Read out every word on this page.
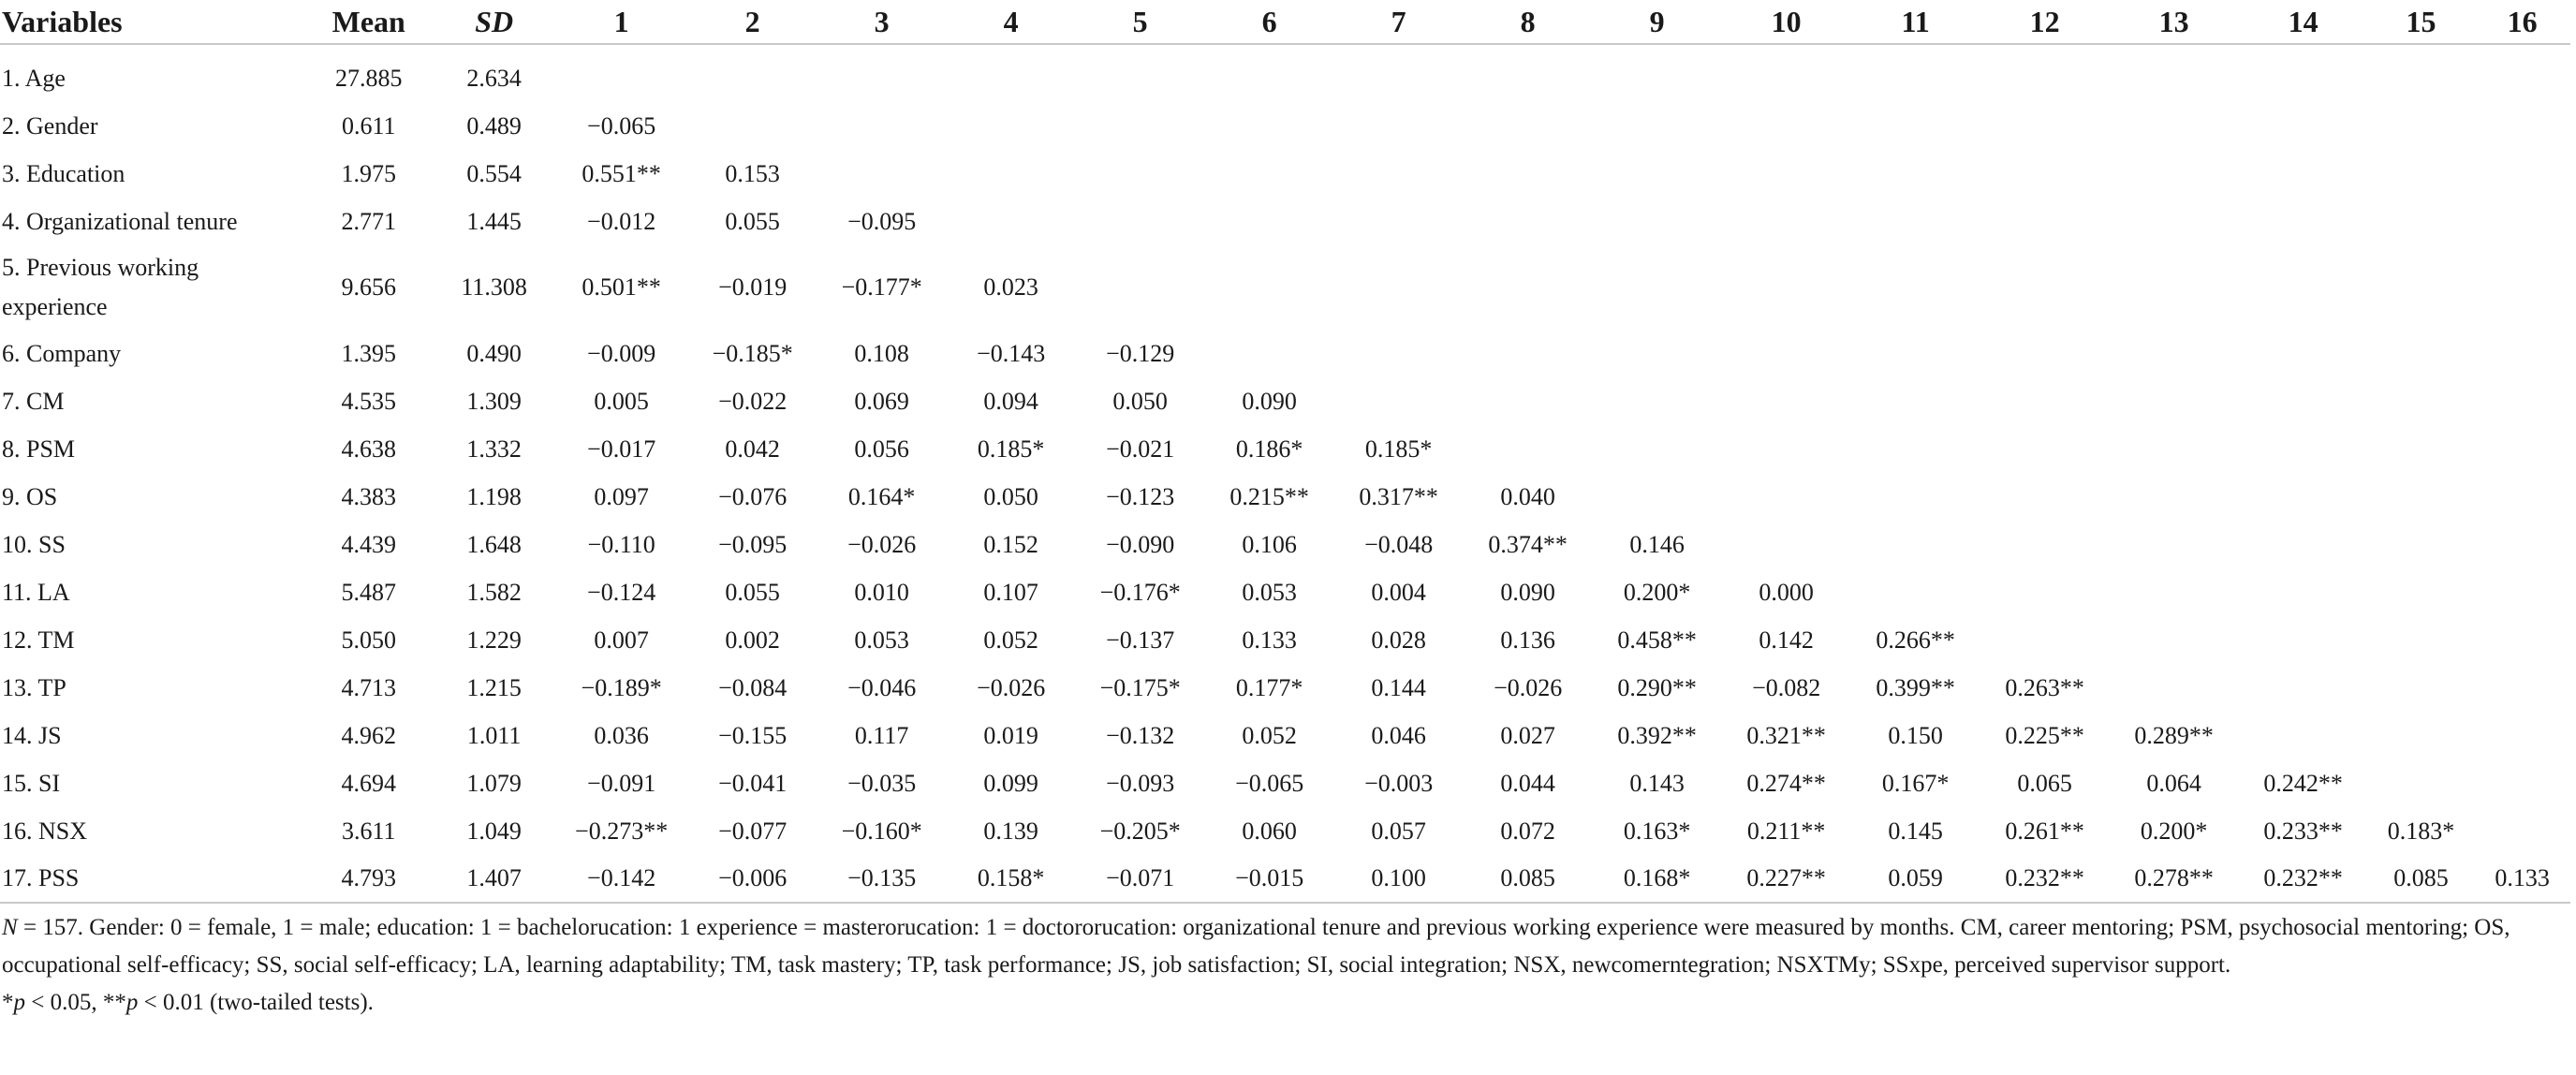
Variables	Mean	SD	1	2	3	4	5	6	7	8	9	10	11	12	13	14	15	16
1. Age	27.885	2.634																
2. Gender	0.611	0.489	−0.065															
3. Education	1.975	0.554	0.551**	0.153														
4. Organizational tenure	2.771	1.445	−0.012	0.055	−0.095													
5. Previous working experience	9.656	11.308	0.501**	−0.019	−0.177*	0.023												
6. Company	1.395	0.490	−0.009	−0.185*	0.108	−0.143	−0.129											
7. CM	4.535	1.309	0.005	−0.022	0.069	0.094	0.050	0.090										
8. PSM	4.638	1.332	−0.017	0.042	0.056	0.185*	−0.021	0.186*	0.185*									
9. OS	4.383	1.198	0.097	−0.076	0.164*	0.050	−0.123	0.215**	0.317**	0.040								
10. SS	4.439	1.648	−0.110	−0.095	−0.026	0.152	−0.090	0.106	−0.048	0.374**	0.146							
11. LA	5.487	1.582	−0.124	0.055	0.010	0.107	−0.176*	0.053	0.004	0.090	0.200*	0.000						
12. TM	5.050	1.229	0.007	0.002	0.053	0.052	−0.137	0.133	0.028	0.136	0.458**	0.142	0.266**					
13. TP	4.713	1.215	−0.189*	−0.084	−0.046	−0.026	−0.175*	0.177*	0.144	−0.026	0.290**	−0.082	0.399**	0.263**				
14. JS	4.962	1.011	0.036	−0.155	0.117	0.019	−0.132	0.052	0.046	0.027	0.392**	0.321**	0.150	0.225**	0.289**			
15. SI	4.694	1.079	−0.091	−0.041	−0.035	0.099	−0.093	−0.065	−0.003	0.044	0.143	0.274**	0.167*	0.065	0.064	0.242**		
16. NSX	3.611	1.049	−0.273**	−0.077	−0.160*	0.139	−0.205*	0.060	0.057	0.072	0.163*	0.211**	0.145	0.261**	0.200*	0.233**	0.183*	
17. PSS	4.793	1.407	−0.142	−0.006	−0.135	0.158*	−0.071	−0.015	0.100	0.085	0.168*	0.227**	0.059	0.232**	0.278**	0.232**	0.085	0.133

N = 157. Gender: 0 = female, 1 = male; education: 1 = bachelorucation: 1 experience = masterorucation: 1 = doctororucation: organizational tenure and previous working experience were measured by months. CM, career mentoring; PSM, psychosocial mentoring; OS, occupational self-efficacy; SS, social self-efficacy; LA, learning adaptability; TM, task mastery; TP, task performance; JS, job satisfaction; SI, social integration; NSX, newcomerntegration; NSXTMy; SSxpe, perceived supervisor support.

*p < 0.05, **p < 0.01 (two-tailed tests).
